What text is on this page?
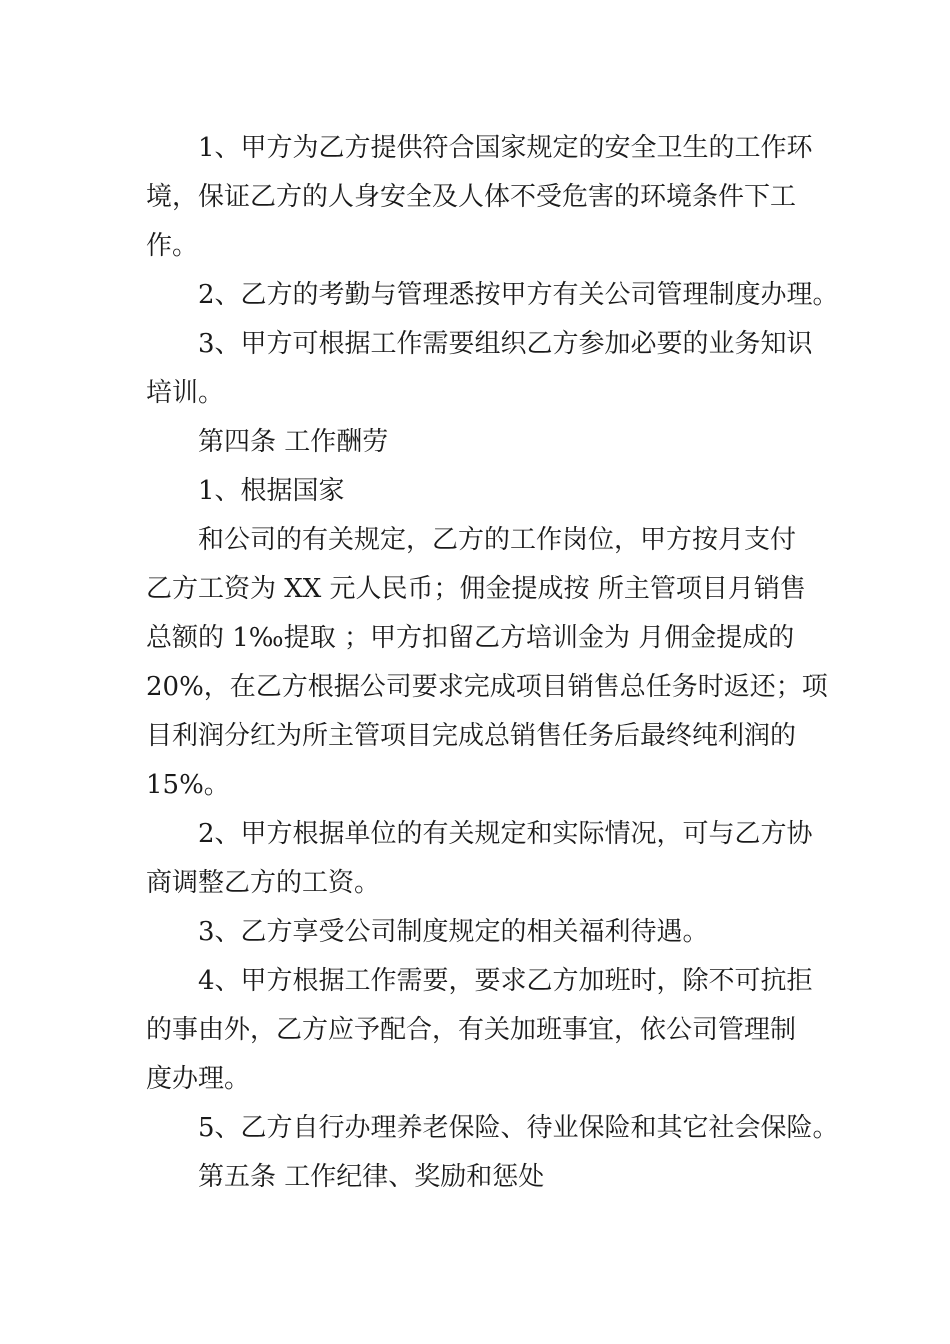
1、甲方为乙方提供符合国家规定的安全卫生的工作环
境，保证乙方的人身安全及人体不受危害的环境条件下工
作。
2、乙方的考勤与管理悉按甲方有关公司管理制度办理。
3、甲方可根据工作需要组织乙方参加必要的业务知识
培训。
第四条 工作酬劳
1、根据国家
和公司的有关规定，乙方的工作岗位，甲方按月支付
乙方工资为 XX 元人民币；佣金提成按 所主管项目月销售
总额的 1‰提取 ；甲方扣留乙方培训金为 月佣金提成的
20%，在乙方根据公司要求完成项目销售总任务时返还；项
目利润分红为所主管项目完成总销售任务后最终纯利润的
15%。
2、甲方根据单位的有关规定和实际情况，可与乙方协
商调整乙方的工资。
3、乙方享受公司制度规定的相关福利待遇。
4、甲方根据工作需要，要求乙方加班时，除不可抗拒
的事由外，乙方应予配合，有关加班事宜，依公司管理制
度办理。
5、乙方自行办理养老保险、待业保险和其它社会保险。
第五条 工作纪律、奖励和惩处
